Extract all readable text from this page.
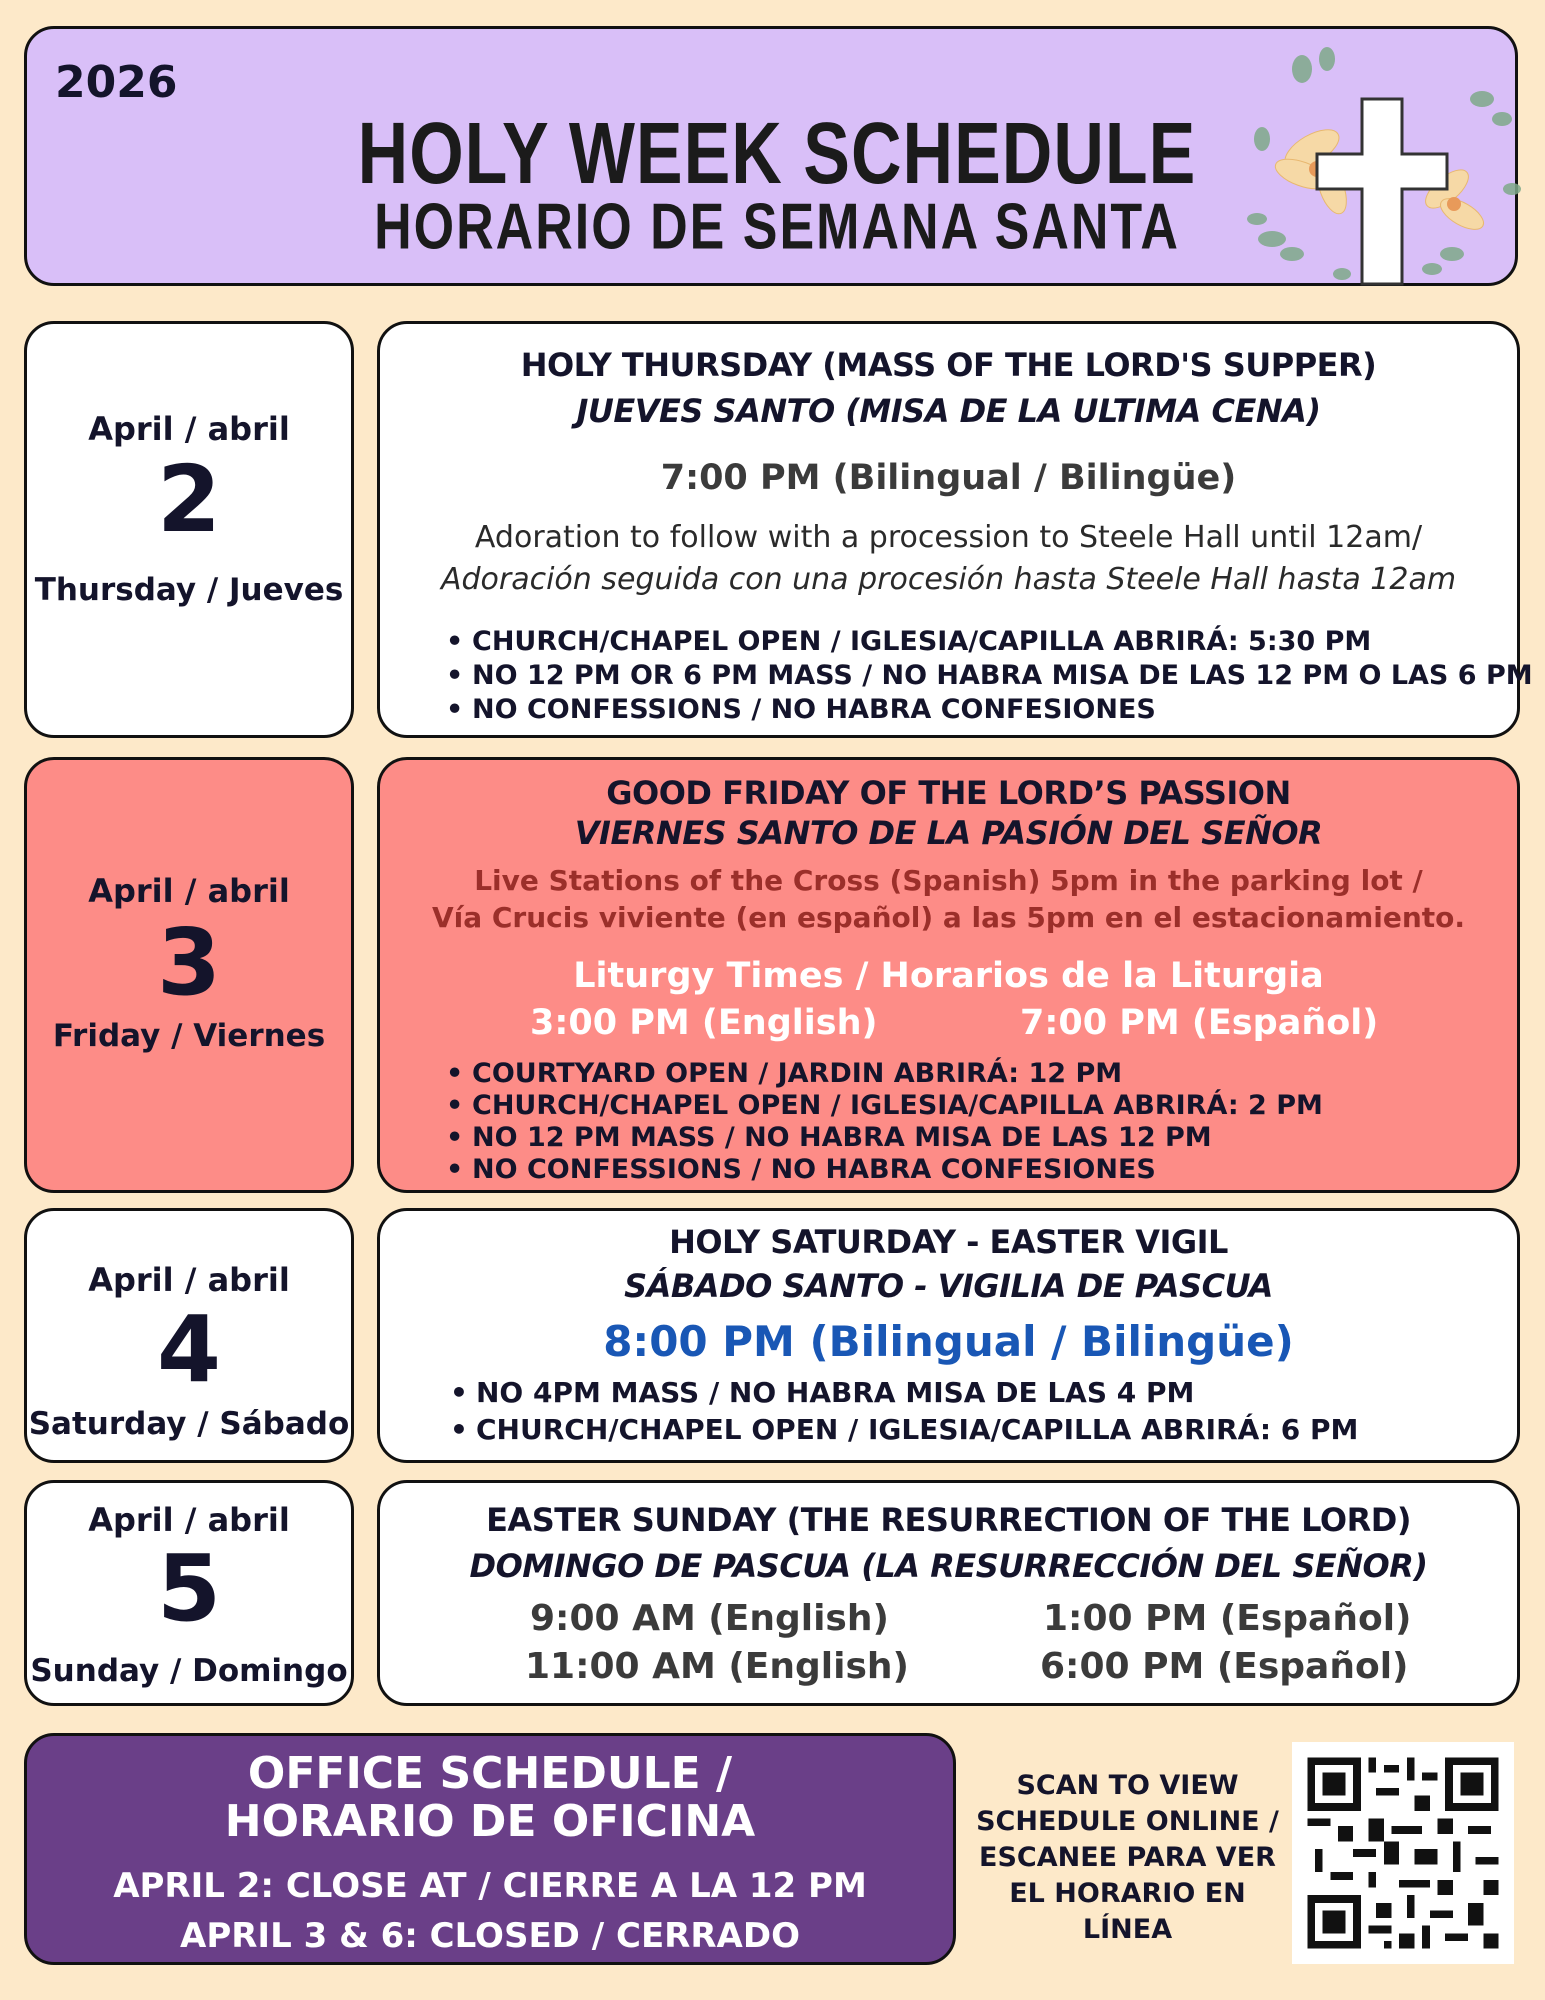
2026
HOLY WEEK SCHEDULE
HORARIO DE SEMANA SANTA
April / abril
2
Thursday / Jueves
HOLY THURSDAY (MASS OF THE LORD'S SUPPER)
JUEVES SANTO (MISA DE LA ULTIMA CENA)
7:00 PM (Bilingual / Bilingüe)
Adoration to follow with a procession to Steele Hall until 12am/
Adoración seguida con una procesión hasta Steele Hall hasta 12am
• CHURCH/CHAPEL OPEN / IGLESIA/CAPILLA ABRIRÁ: 5:30 PM
• NO 12 PM OR 6 PM MASS / NO HABRA MISA DE LAS 12 PM O LAS 6 PM
• NO CONFESSIONS / NO HABRA CONFESIONES
April / abril
3
Friday / Viernes
GOOD FRIDAY OF THE LORD’S PASSION
VIERNES SANTO DE LA PASIÓN DEL SEÑOR
Live Stations of the Cross (Spanish) 5pm in the parking lot /
Vía Crucis viviente (en español) a las 5pm en el estacionamiento.
Liturgy Times / Horarios de la Liturgia
3:00 PM (English)	7:00 PM (Español)
• COURTYARD OPEN / JARDIN ABRIRÁ: 12 PM
• CHURCH/CHAPEL OPEN / IGLESIA/CAPILLA ABRIRÁ: 2 PM
• NO 12 PM MASS / NO HABRA MISA DE LAS 12 PM
• NO CONFESSIONS / NO HABRA CONFESIONES
April / abril
4
Saturday / Sábado
HOLY SATURDAY - EASTER VIGIL
SÁBADO SANTO - VIGILIA DE PASCUA
8:00 PM (Bilingual / Bilingüe)
• NO 4PM MASS / NO HABRA MISA DE LAS 4 PM
• CHURCH/CHAPEL OPEN / IGLESIA/CAPILLA ABRIRÁ: 6 PM
April / abril
5
Sunday / Domingo
EASTER SUNDAY (THE RESURRECTION OF THE LORD)
DOMINGO DE PASCUA (LA RESURRECCIÓN DEL SEÑOR)
9:00 AM (English)
11:00 AM (English)
1:00 PM (Español)
6:00 PM (Español)
OFFICE SCHEDULE /
HORARIO DE OFICINA
APRIL 2: CLOSE AT / CIERRE A LA 12 PM
APRIL 3 & 6: CLOSED / CERRADO
SCAN TO VIEW
SCHEDULE ONLINE /
ESCANEE PARA VER
EL HORARIO EN
LÍNEA
